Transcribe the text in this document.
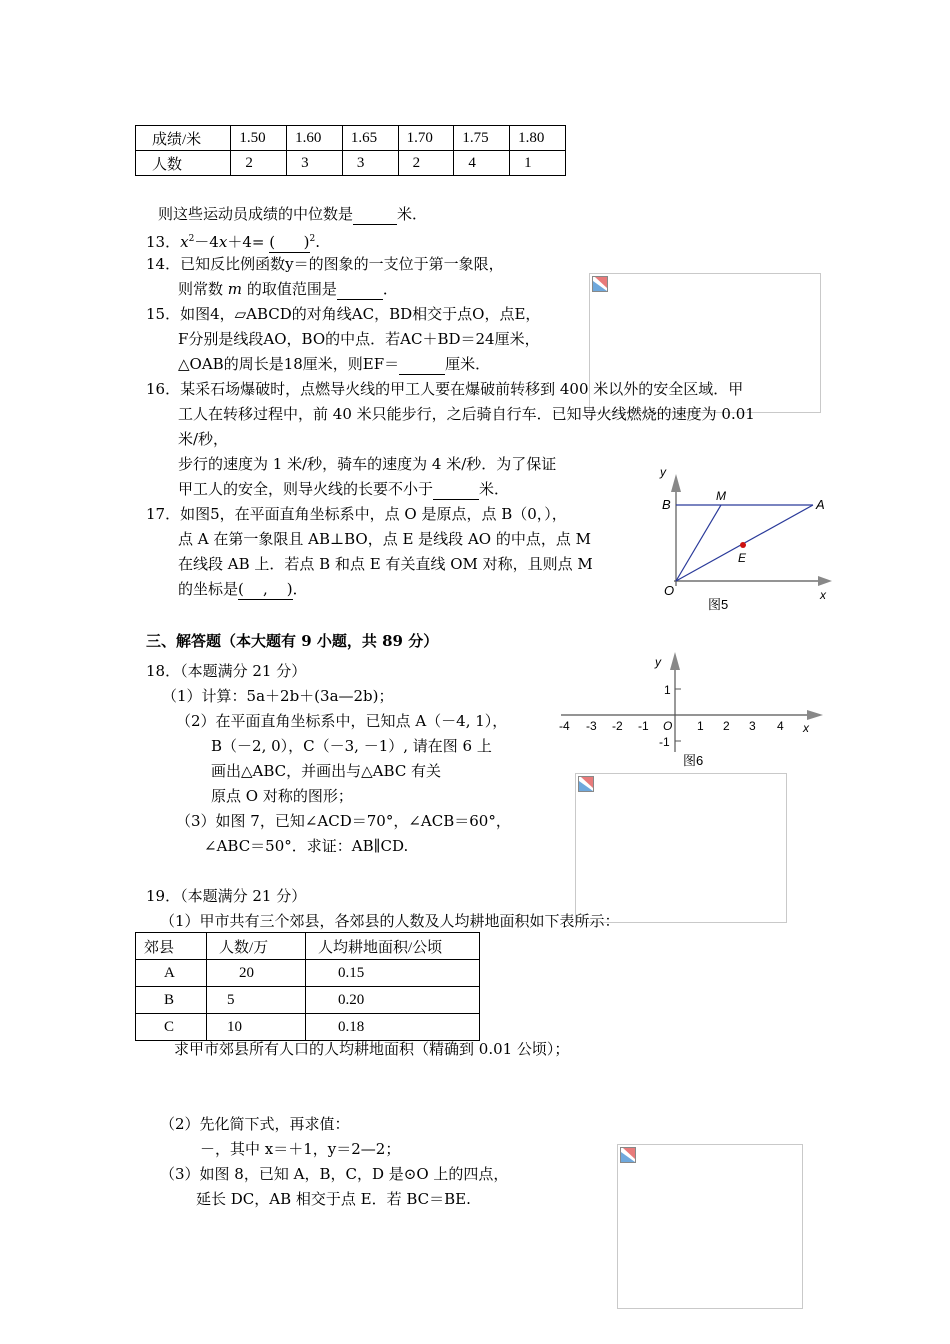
成绩/米	1.50	1.60	1.65	1.70	1.75	1.80
人数	2	3	3	2	4	1
则这些运动员成绩的中位数是	米．
13．$x^2-4x+4=$ (      )$^2$.
14．已知反比例函数y＝的图象的一支位于第一象限，
则常数 m 的取值范围是	．
15．如图4，▱ABCD的对角线AC，BD相交于点O，点E，
F分别是线段AO，BO的中点．若AC＋BD＝24厘米，
△OAB的周长是18厘米，则EF＝	厘米．
16．某采石场爆破时，点燃导火线的甲工人要在爆破前转移到 400 米以外的安全区域．甲
工人在转移过程中，前 40 米只能步行，之后骑自行车．已知导火线燃烧的速度为 0.01
米/秒，
步行的速度为 1 米/秒，骑车的速度为 4 米/秒．为了保证
甲工人的安全，则导火线的长要不小于	米．
y
B
M
A
E
O	x
图5
17．如图5，在平面直角坐标系中，点 O 是原点，点 B（0，），
点 A 在第一象限且 AB⊥BO，点 E 是线段 AO 的中点，点 M
在线段 AB 上．若点 B 和点 E 有关直线 OM 对称，且则点 M
的坐标是(    ,    )．
三、解答题（本大题有 9 小题，共 89 分）
18．（本题满分 21 分）
（1）计算：5a＋2b＋(3a—2b)；
（2）在平面直角坐标系中，已知点 A（－4, 1），
B（－2, 0），C（－3, －1）, 请在图 6 上
画出△ABC，并画出与△ABC 有关
原点 O 对称的图形；
（3）如图 7，已知∠ACD＝70°，∠ACB＝60°，
∠ABC＝50°．求证：AB∥CD.
y
1
-1
-4 -3 -2 -1 O 1 2 3 4 x
图6
19．（本题满分 21 分）
（1）甲市共有三个郊县，各郊县的人数及人均耕地面积如下表所示：
郊县	人数/万	人均耕地面积/公顷
A	20	0.15
B	5	0.20
C	10	0.18
求甲市郊县所有人口的人均耕地面积（精确到 0.01 公顷）；
（2）先化简下式，再求值：
－，其中 x＝＋1，y＝2—2；
（3）如图 8，已知 A，B，C，D 是⊙O 上的四点，
延长 DC，AB 相交于点 E．若 BC＝BE.
